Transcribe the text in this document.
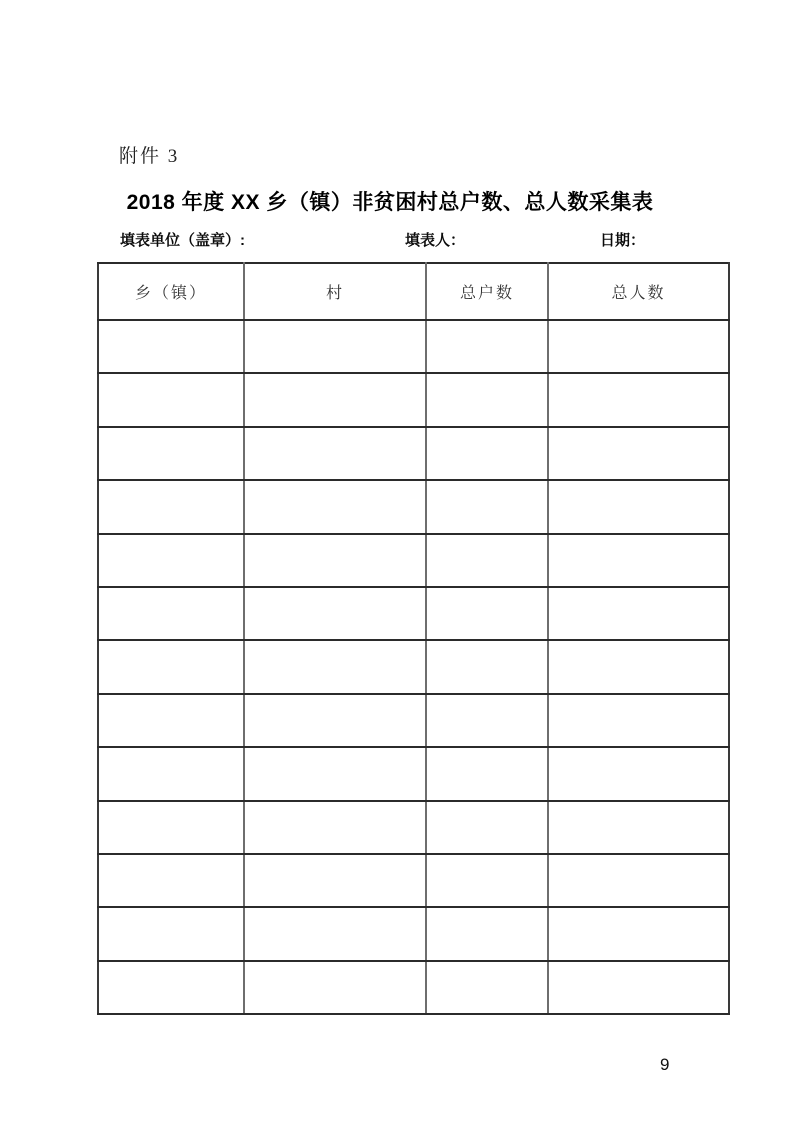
附件 3
2018 年度 XX 乡（镇）非贫困村总户数、总人数采集表
填表单位（盖章）:	填表人：	日期：
乡（镇）	村	总户数	总人数

9
